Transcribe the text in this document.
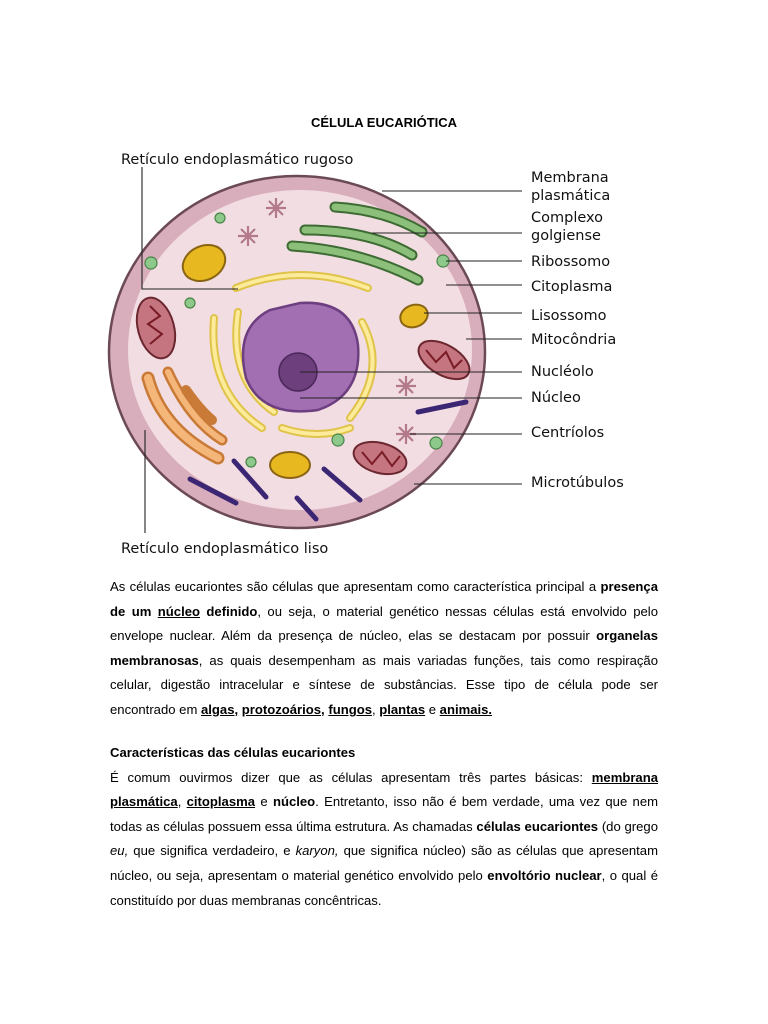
CÉLULA EUCARIÓTICA
Retículo endoplasmático rugoso
Membrana
plasmática
Complexo
golgiense
Ribossomo
Citoplasma
Lisossomo
Mitocôndria
Nucléolo
Núcleo
Centríolos
Microtúbulos
Retículo endoplasmático liso

As células eucariontes são células que apresentam como característica principal a presença de um núcleo definido, ou seja, o material genético nessas células está envolvido pelo envelope nuclear. Além da presença de núcleo, elas se destacam por possuir organelas membranosas, as quais desempenham as mais variadas funções, tais como respiração celular, digestão intracelular e síntese de substâncias. Esse tipo de célula pode ser encontrado em algas, protozoários, fungos, plantas e animais.

Características das células eucariontes

É comum ouvirmos dizer que as células apresentam três partes básicas: membrana plasmática, citoplasma e núcleo. Entretanto, isso não é bem verdade, uma vez que nem todas as células possuem essa última estrutura. As chamadas células eucariontes (do grego eu, que significa verdadeiro, e karyon, que significa núcleo) são as células que apresentam núcleo, ou seja, apresentam o material genético envolvido pelo envoltório nuclear, o qual é constituído por duas membranas concêntricas.
